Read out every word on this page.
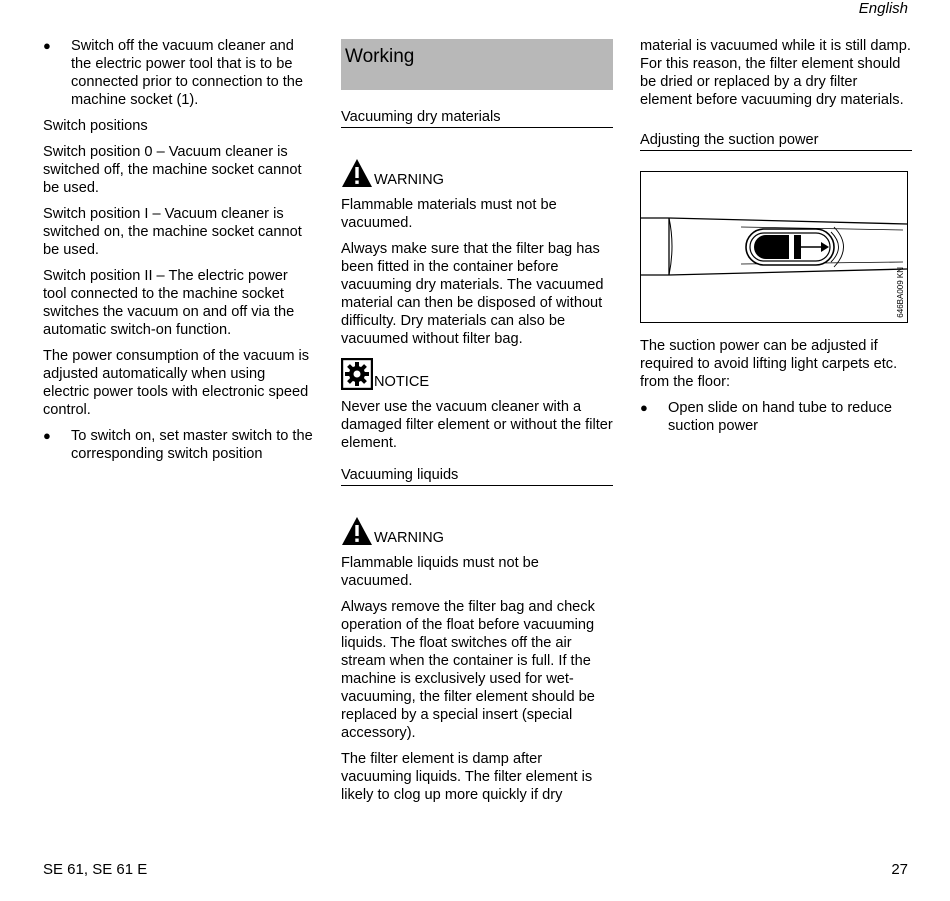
English
● Switch off the vacuum cleaner and the electric power tool that is to be connected prior to connection to the machine socket (1).
Switch positions

Switch position 0 – Vacuum cleaner is switched off, the machine socket cannot be used.

Switch position I – Vacuum cleaner is switched on, the machine socket cannot be used.

Switch position II – The electric power tool connected to the machine socket switches the vacuum on and off via the automatic switch-on function.

The power consumption of the vacuum is adjusted automatically when using electric power tools with electronic speed control.

● To switch on, set master switch to the corresponding switch position
Working
Vacuuming dry materials
WARNING

Flammable materials must not be vacuumed.

Always make sure that the filter bag has been fitted in the container before vacuuming dry materials. The vacuumed material can then be disposed of without difficulty. Dry materials can also be vacuumed without filter bag.

NOTICE

Never use the vacuum cleaner with a damaged filter element or without the filter element.

Vacuuming liquids
WARNING

Flammable liquids must not be vacuumed.

Always remove the filter bag and check operation of the float before vacuuming liquids. The float switches off the air stream when the container is full. If the machine is exclusively used for wet-vacuuming, the filter element should be replaced by a special insert (special accessory).

The filter element is damp after vacuuming liquids. The filter element is likely to clog up more quickly if dry

material is vacuumed while it is still damp. For this reason, the filter element should be dried or replaced by a dry filter element before vacuuming dry materials.

Adjusting the suction power
646BA009 KN

The suction power can be adjusted if required to avoid lifting light carpets etc. from the floor:

● Open slide on hand tube to reduce suction power
SE 61, SE 61 E	27
